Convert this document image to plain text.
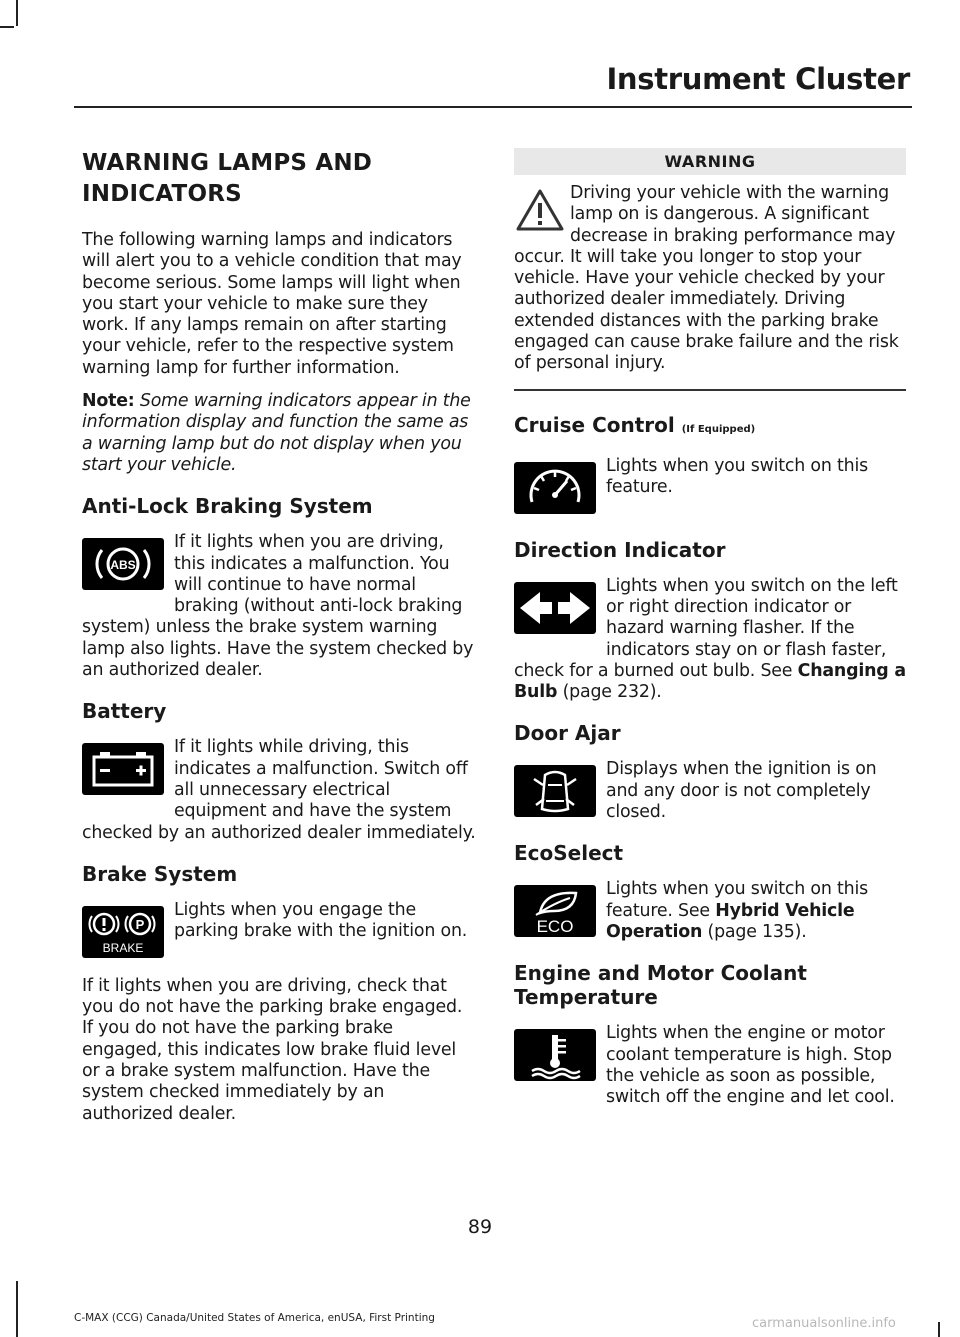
Instrument Cluster
WARNING LAMPS AND
INDICATORS

The following warning lamps and indicators will alert you to a vehicle condition that may become serious. Some lamps will light when you start your vehicle to make sure they work. If any lamps remain on after starting your vehicle, refer to the respective system warning lamp for further information.

Note: Some warning indicators appear in the information display and function the same as a warning lamp but do not display when you start your vehicle.

Anti-Lock Braking System
ABS

If it lights when you are driving, this indicates a malfunction. You will continue to have normal braking (without anti-lock braking system) unless the brake system warning lamp also lights. Have the system checked by an authorized dealer.

Battery

If it lights while driving, this indicates a malfunction. Switch off all unnecessary electrical equipment and have the system checked by an authorized dealer immediately.

Brake System
P
BRAKE

Lights when you engage the parking brake with the ignition on.

If it lights when you are driving, check that you do not have the parking brake engaged. If you do not have the parking brake engaged, this indicates low brake fluid level or a brake system malfunction. Have the system checked immediately by an authorized dealer.

WARNING

Driving your vehicle with the warning lamp on is dangerous. A significant decrease in braking performance may occur. It will take you longer to stop your vehicle. Have your vehicle checked by your authorized dealer immediately. Driving extended distances with the parking brake engaged can cause brake failure and the risk of personal injury.

Cruise Control (If Equipped)

Lights when you switch on this feature.

Direction Indicator

Lights when you switch on the left or right direction indicator or hazard warning flasher. If the indicators stay on or flash faster, check for a burned out bulb. See Changing a Bulb (page 232).

Door Ajar

Displays when the ignition is on and any door is not completely closed.

EcoSelect
ECO

Lights when you switch on this feature. See Hybrid Vehicle Operation (page 135).

Engine and Motor Coolant Temperature

Lights when the engine or motor coolant temperature is high. Stop the vehicle as soon as possible, switch off the engine and let cool.

89
C-MAX (CCG) Canada/United States of America, enUSA, First Printing	carmanualsonline.info
